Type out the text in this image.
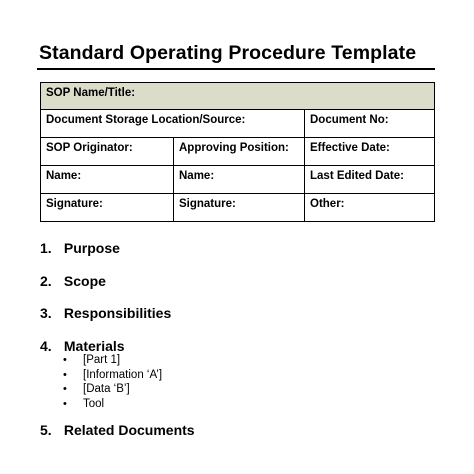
Standard Operating Procedure Template
SOP Name/Title:		
Document Storage Location/Source:		Document No:
SOP Originator:	Approving Position:	Effective Date:
Name:	Name:	Last Edited Date:
Signature:	Signature:	Other:
1. Purpose
2. Scope
3. Responsibilities
4. Materials
• [Part 1]
• [Information ‘A’]
• [Data ‘B’]
• Tool
5. Related Documents
